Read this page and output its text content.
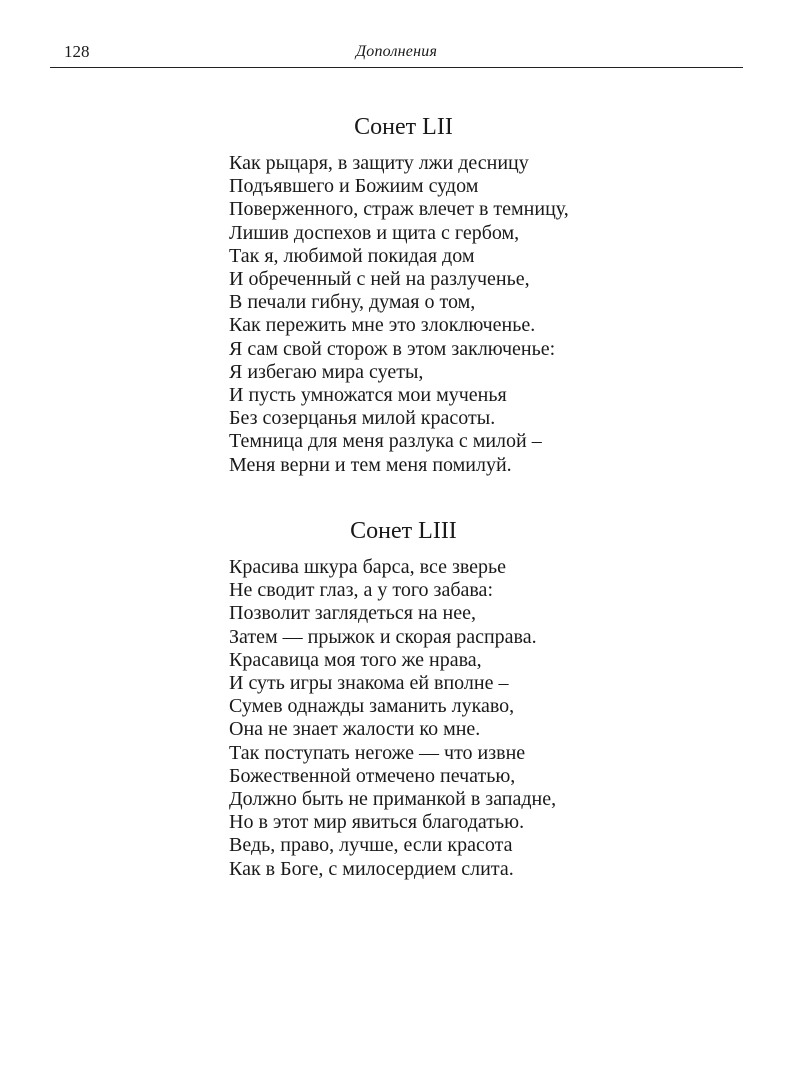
128	Дополнения
Сонет LII
Как рыцаря, в защиту лжи десницу
Подъявшего и Божиим судом
Поверженного, страж влечет в темницу,
Лишив доспехов и щита с гербом,
Так я, любимой покидая дом
И обреченный с ней на разлученье,
В печали гибну, думая о том,
Как пережить мне это злоключенье.
Я сам свой сторож в этом заключенье:
Я избегаю мира суеты,
И пусть умножатся мои мученья
Без созерцанья милой красоты.
Темница для меня разлука с милой –
Меня верни и тем меня помилуй.
Сонет LIII
Красива шкура барса, все зверье
Не сводит глаз, а у того забава:
Позволит заглядеться на нее,
Затем — прыжок и скорая расправа.
Красавица моя того же нрава,
И суть игры знакома ей вполне –
Сумев однажды заманить лукаво,
Она не знает жалости ко мне.
Так поступать негоже — что извне
Божественной отмечено печатью,
Должно быть не приманкой в западне,
Но в этот мир явиться благодатью.
Ведь, право, лучше, если красота
Как в Боге, с милосердием слита.
